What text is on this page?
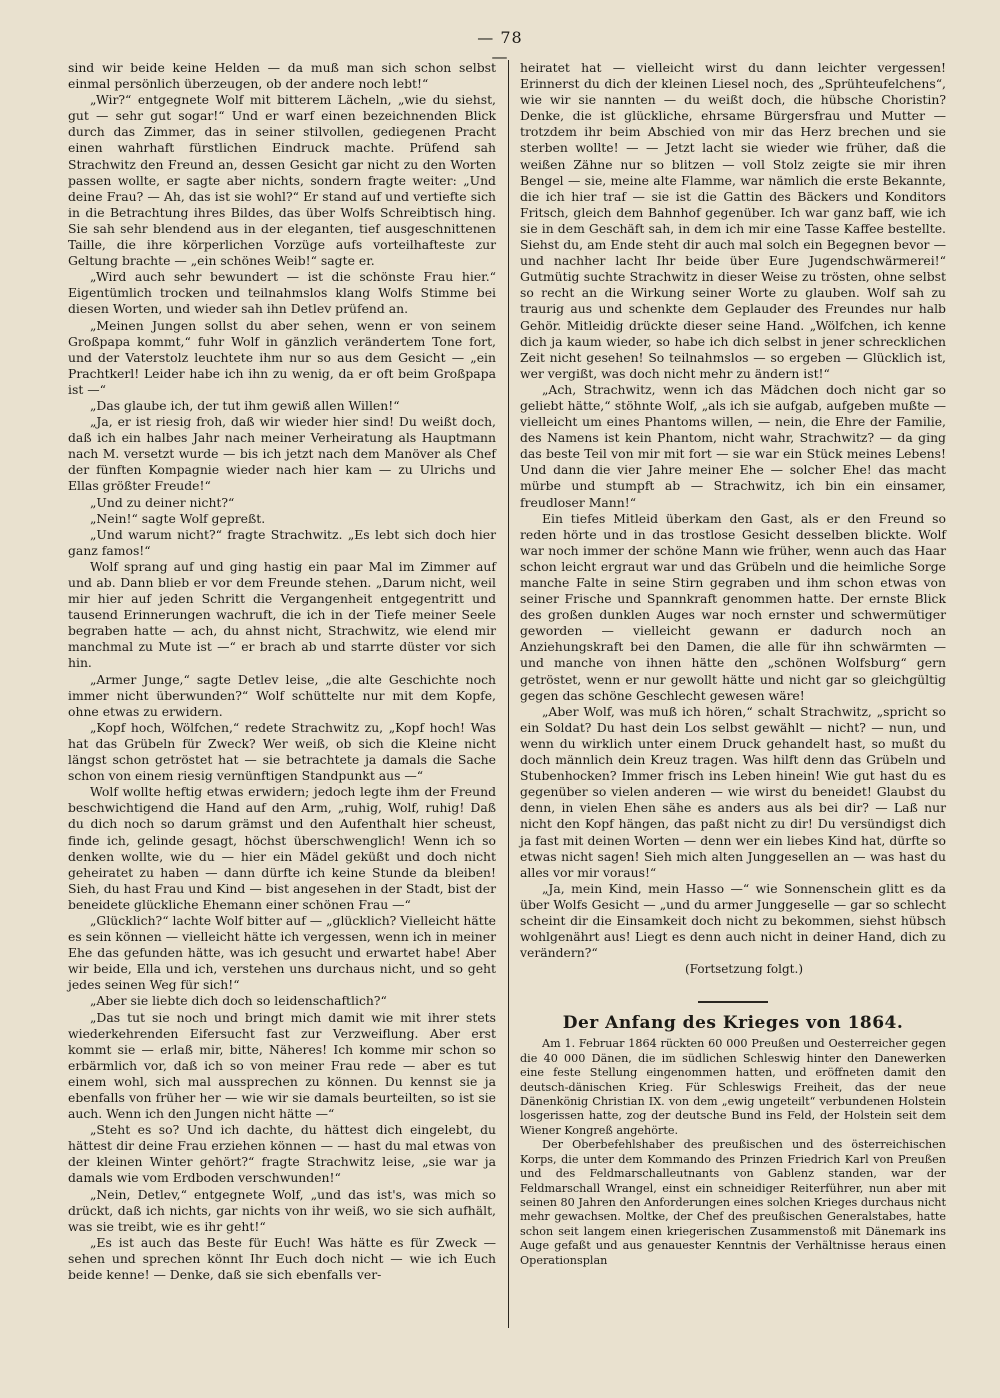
— 78 —

sind wir beide keine Helden — da muß man sich schon selbst einmal persönlich überzeugen, ob der andere noch lebt!“

„Wir?“ entgegnete Wolf mit bitterem Lächeln, „wie du siehst, gut — sehr gut sogar!“ Und er warf einen bezeichnenden Blick durch das Zimmer, das in seiner stilvollen, gediegenen Pracht einen wahrhaft fürstlichen Eindruck machte. Prüfend sah Strachwitz den Freund an, dessen Gesicht gar nicht zu den Worten passen wollte, er sagte aber nichts, sondern fragte weiter: „Und deine Frau? — Ah, das ist sie wohl?“ Er stand auf und vertiefte sich in die Betrachtung ihres Bildes, das über Wolfs Schreibtisch hing. Sie sah sehr blendend aus in der eleganten, tief ausgeschnittenen Taille, die ihre körperlichen Vorzüge aufs vorteilhafteste zur Geltung brachte — „ein schönes Weib!“ sagte er.

„Wird auch sehr bewundert — ist die schönste Frau hier.“ Eigentümlich trocken und teilnahmslos klang Wolfs Stimme bei diesen Worten, und wieder sah ihn Detlev prüfend an.

„Meinen Jungen sollst du aber sehen, wenn er von seinem Großpapa kommt,“ fuhr Wolf in gänzlich verändertem Tone fort, und der Vaterstolz leuchtete ihm nur so aus dem Gesicht — „ein Prachtkerl! Leider habe ich ihn zu wenig, da er oft beim Großpapa ist —“

„Das glaube ich, der tut ihm gewiß allen Willen!“

„Ja, er ist riesig froh, daß wir wieder hier sind! Du weißt doch, daß ich ein halbes Jahr nach meiner Verheiratung als Hauptmann nach M. versetzt wurde — bis ich jetzt nach dem Manöver als Chef der fünften Kompagnie wieder nach hier kam — zu Ulrichs und Ellas größter Freude!“

„Und zu deiner nicht?“

„Nein!“ sagte Wolf gepreßt.

„Und warum nicht?“ fragte Strachwitz. „Es lebt sich doch hier ganz famos!“

Wolf sprang auf und ging hastig ein paar Mal im Zimmer auf und ab. Dann blieb er vor dem Freunde stehen. „Darum nicht, weil mir hier auf jeden Schritt die Vergangenheit entgegentritt und tausend Erinnerungen wachruft, die ich in der Tiefe meiner Seele begraben hatte — ach, du ahnst nicht, Strachwitz, wie elend mir manchmal zu Mute ist —“ er brach ab und starrte düster vor sich hin.

„Armer Junge,“ sagte Detlev leise, „die alte Geschichte noch immer nicht überwunden?“ Wolf schüttelte nur mit dem Kopfe, ohne etwas zu erwidern.

„Kopf hoch, Wölfchen,“ redete Strachwitz zu, „Kopf hoch! Was hat das Grübeln für Zweck? Wer weiß, ob sich die Kleine nicht längst schon getröstet hat — sie betrachtete ja damals die Sache schon von einem riesig vernünftigen Standpunkt aus —“

Wolf wollte heftig etwas erwidern; jedoch legte ihm der Freund beschwichtigend die Hand auf den Arm, „ruhig, Wolf, ruhig! Daß du dich noch so darum grämst und den Aufenthalt hier scheust, finde ich, gelinde gesagt, höchst überschwenglich! Wenn ich so denken wollte, wie du — hier ein Mädel geküßt und doch nicht geheiratet zu haben — dann dürfte ich keine Stunde da bleiben! Sieh, du hast Frau und Kind — bist angesehen in der Stadt, bist der beneidete glückliche Ehemann einer schönen Frau —“

„Glücklich?“ lachte Wolf bitter auf — „glücklich? Vielleicht hätte es sein können — vielleicht hätte ich vergessen, wenn ich in meiner Ehe das gefunden hätte, was ich gesucht und erwartet habe! Aber wir beide, Ella und ich, verstehen uns durchaus nicht, und so geht jedes seinen Weg für sich!“

„Aber sie liebte dich doch so leidenschaftlich?“

„Das tut sie noch und bringt mich damit wie mit ihrer stets wiederkehrenden Eifersucht fast zur Verzweiflung. Aber erst kommt sie — erlaß mir, bitte, Näheres! Ich komme mir schon so erbärmlich vor, daß ich so von meiner Frau rede — aber es tut einem wohl, sich mal aussprechen zu können. Du kennst sie ja ebenfalls von früher her — wie wir sie damals beurteilten, so ist sie auch. Wenn ich den Jungen nicht hätte —“

„Steht es so? Und ich dachte, du hättest dich eingelebt, du hättest dir deine Frau erziehen können — — hast du mal etwas von der kleinen Winter gehört?“ fragte Strachwitz leise, „sie war ja damals wie vom Erdboden verschwunden!“

„Nein, Detlev,“ entgegnete Wolf, „und das ist's, was mich so drückt, daß ich nichts, gar nichts von ihr weiß, wo sie sich aufhält, was sie treibt, wie es ihr geht!“

„Es ist auch das Beste für Euch! Was hätte es für Zweck — sehen und sprechen könnt Ihr Euch doch nicht — wie ich Euch beide kenne! — Denke, daß sie sich ebenfalls ver-

heiratet hat — vielleicht wirst du dann leichter vergessen! Erinnerst du dich der kleinen Liesel noch, des „Sprühteufelchens“, wie wir sie nannten — du weißt doch, die hübsche Choristin? Denke, die ist glückliche, ehrsame Bürgersfrau und Mutter — trotzdem ihr beim Abschied von mir das Herz brechen und sie sterben wollte! — — Jetzt lacht sie wieder wie früher, daß die weißen Zähne nur so blitzen — voll Stolz zeigte sie mir ihren Bengel — sie, meine alte Flamme, war nämlich die erste Bekannte, die ich hier traf — sie ist die Gattin des Bäckers und Konditors Fritsch, gleich dem Bahnhof gegenüber. Ich war ganz baff, wie ich sie in dem Geschäft sah, in dem ich mir eine Tasse Kaffee bestellte. Siehst du, am Ende steht dir auch mal solch ein Begegnen bevor — und nachher lacht Ihr beide über Eure Jugendschwärmerei!“ Gutmütig suchte Strachwitz in dieser Weise zu trösten, ohne selbst so recht an die Wirkung seiner Worte zu glauben. Wolf sah zu traurig aus und schenkte dem Geplauder des Freundes nur halb Gehör. Mitleidig drückte dieser seine Hand. „Wölfchen, ich kenne dich ja kaum wieder, so habe ich dich selbst in jener schrecklichen Zeit nicht gesehen! So teilnahmslos — so ergeben — Glücklich ist, wer vergißt, was doch nicht mehr zu ändern ist!“

„Ach, Strachwitz, wenn ich das Mädchen doch nicht gar so geliebt hätte,“ stöhnte Wolf, „als ich sie aufgab, aufgeben mußte — vielleicht um eines Phantoms willen, — nein, die Ehre der Familie, des Namens ist kein Phantom, nicht wahr, Strachwitz? — da ging das beste Teil von mir mit fort — sie war ein Stück meines Lebens! Und dann die vier Jahre meiner Ehe — solcher Ehe! das macht mürbe und stumpft ab — Strachwitz, ich bin ein einsamer, freudloser Mann!“

Ein tiefes Mitleid überkam den Gast, als er den Freund so reden hörte und in das trostlose Gesicht desselben blickte. Wolf war noch immer der schöne Mann wie früher, wenn auch das Haar schon leicht ergraut war und das Grübeln und die heimliche Sorge manche Falte in seine Stirn gegraben und ihm schon etwas von seiner Frische und Spannkraft genommen hatte. Der ernste Blick des großen dunklen Auges war noch ernster und schwermütiger geworden — vielleicht gewann er dadurch noch an Anziehungskraft bei den Damen, die alle für ihn schwärmten — und manche von ihnen hätte den „schönen Wolfsburg“ gern getröstet, wenn er nur gewollt hätte und nicht gar so gleichgültig gegen das schöne Geschlecht gewesen wäre!

„Aber Wolf, was muß ich hören,“ schalt Strachwitz, „spricht so ein Soldat? Du hast dein Los selbst gewählt — nicht? — nun, und wenn du wirklich unter einem Druck gehandelt hast, so mußt du doch männlich dein Kreuz tragen. Was hilft denn das Grübeln und Stubenhocken? Immer frisch ins Leben hinein! Wie gut hast du es gegenüber so vielen anderen — wie wirst du beneidet! Glaubst du denn, in vielen Ehen sähe es anders aus als bei dir? — Laß nur nicht den Kopf hängen, das paßt nicht zu dir! Du versündigst dich ja fast mit deinen Worten — denn wer ein liebes Kind hat, dürfte so etwas nicht sagen! Sieh mich alten Junggesellen an — was hast du alles vor mir voraus!“

„Ja, mein Kind, mein Hasso —“ wie Sonnenschein glitt es da über Wolfs Gesicht — „und du armer Junggeselle — gar so schlecht scheint dir die Einsamkeit doch nicht zu bekommen, siehst hübsch wohlgenährt aus! Liegt es denn auch nicht in deiner Hand, dich zu verändern?“

(Fortsetzung folgt.)

Der Anfang des Krieges von 1864.

Am 1. Februar 1864 rückten 60 000 Preußen und Oesterreicher gegen die 40 000 Dänen, die im südlichen Schleswig hinter den Danewerken eine feste Stellung eingenommen hatten, und eröffneten damit den deutsch-dänischen Krieg. Für Schleswigs Freiheit, das der neue Dänenkönig Christian IX. von dem „ewig ungeteilt“ verbundenen Holstein losgerissen hatte, zog der deutsche Bund ins Feld, der Holstein seit dem Wiener Kongreß angehörte.

Der Oberbefehlshaber des preußischen und des österreichischen Korps, die unter dem Kommando des Prinzen Friedrich Karl von Preußen und des Feldmarschalleutnants von Gablenz standen, war der Feldmarschall Wrangel, einst ein schneidiger Reiterführer, nun aber mit seinen 80 Jahren den Anforderungen eines solchen Krieges durchaus nicht mehr gewachsen. Moltke, der Chef des preußischen Generalstabes, hatte schon seit langem einen kriegerischen Zusammenstoß mit Dänemark ins Auge gefaßt und aus genauester Kenntnis der Verhältnisse heraus einen Operationsplan
